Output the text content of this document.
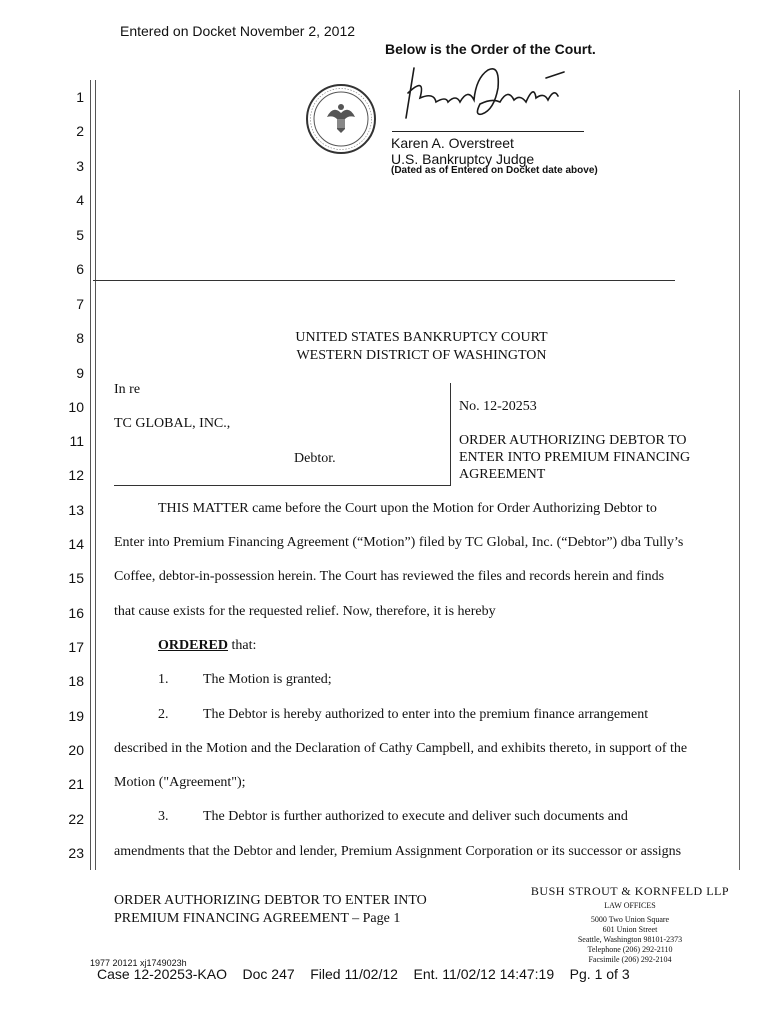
Entered on Docket November 2, 2012
Below is the Order of the Court.
Karen A. Overstreet
U.S. Bankruptcy Judge
(Dated as of Entered on Docket date above)
1
2
3
4
5
6
7
8
9
10
11
12
13
14
15
16
17
18
19
20
21
22
23
UNITED STATES BANKRUPTCY COURT
WESTERN DISTRICT OF WASHINGTON
In re
TC GLOBAL, INC.,
Debtor.
No. 12-20253
ORDER AUTHORIZING DEBTOR TO
ENTER INTO PREMIUM FINANCING
AGREEMENT
THIS MATTER came before the Court upon the Motion for Order Authorizing Debtor to
Enter into Premium Financing Agreement (“Motion”) filed by TC Global, Inc. (“Debtor”) dba Tully’s
Coffee, debtor-in-possession herein. The Court has reviewed the files and records herein and finds
that cause exists for the requested relief. Now, therefore, it is hereby
ORDERED that:
1. The Motion is granted;
2. The Debtor is hereby authorized to enter into the premium finance arrangement
described in the Motion and the Declaration of Cathy Campbell, and exhibits thereto, in support of the
Motion ("Agreement");
3. The Debtor is further authorized to execute and deliver such documents and
amendments that the Debtor and lender, Premium Assignment Corporation or its successor or assigns
ORDER AUTHORIZING DEBTOR TO ENTER INTO
PREMIUM FINANCING AGREEMENT – Page 1
BUSH STROUT & KORNFELD LLP
LAW OFFICES
5000 Two Union Square
601 Union Street
Seattle, Washington 98101-2373
Telephone (206) 292-2110
Facsimile (206) 292-2104
1977 20121 xj1749023h
Case 12-20253-KAO    Doc 247    Filed 11/02/12    Ent. 11/02/12 14:47:19    Pg. 1 of 3
